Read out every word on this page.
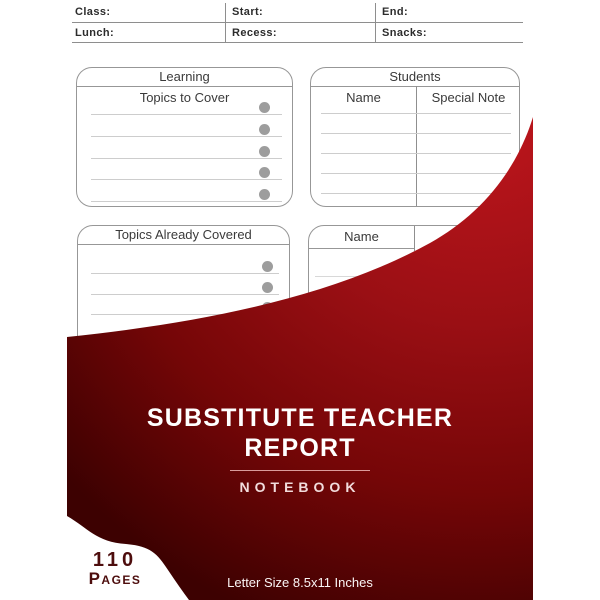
Class:	Start:	End:
Lunch:	Recess:	Snacks:
Learning
Topics to Cover
Students
Name	Special Note
Topics Already Covered	Name
SUBSTITUTE TEACHER
REPORT
NOTEBOOK
110
Pages	Letter Size 8.5x11 Inches
